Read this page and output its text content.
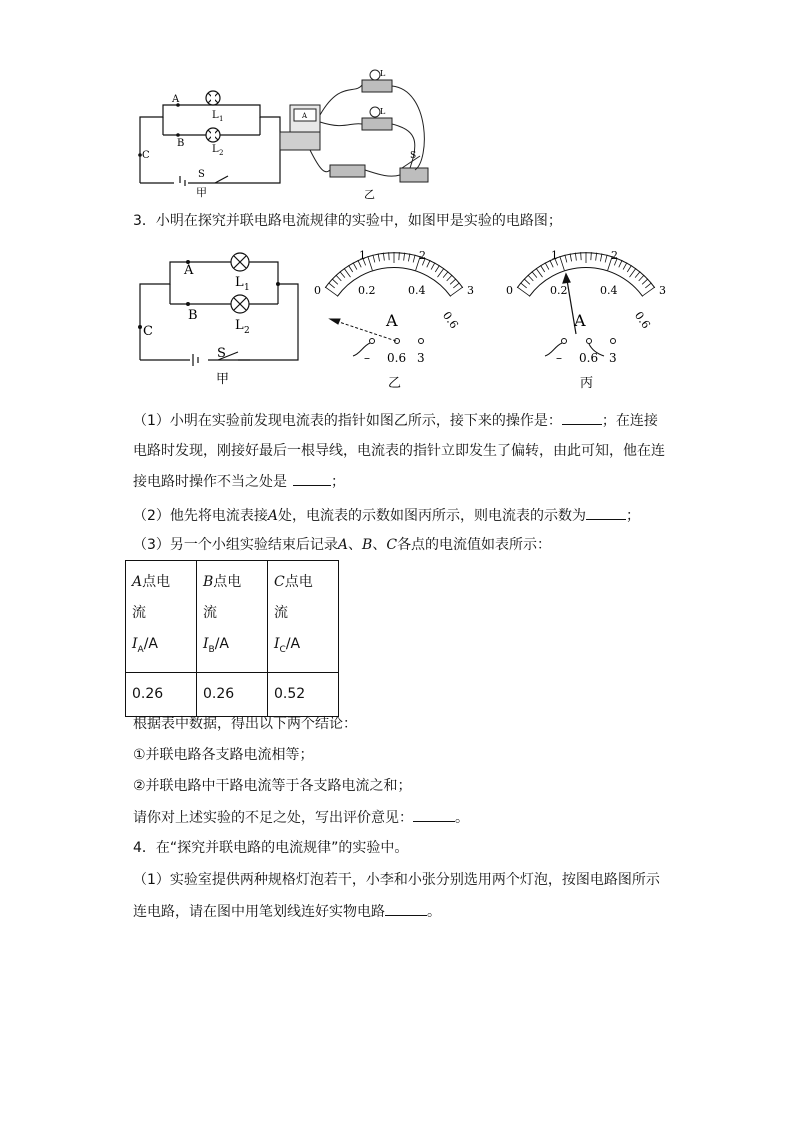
A
B
C
L 1
L 2
S
甲
L
L
S
乙
A
3．小明在探究并联电路电流规律的实验中，如图甲是实验的电路图；
A
B
C
L 1
L 2
S
甲
0
1	2
3
0.2	0.4
0.6
A
– 0.6 3
乙
0
1	2
3
0.2	0.4
0.6
A
– 0.6 3
丙
（1）小明在实验前发现电流表的指针如图乙所示，接下来的操作是：	；在连接
电路时发现，刚接好最后一根导线，电流表的指针立即发生了偏转，由此可知，他在连
接电路时操作不当之处是	；
（2）他先将电流表接A处，电流表的示数如图丙所示，则电流表的示数为	；
（3）另一个小组实验结束后记录A、B、C各点的电流值如表所示：
A点电
流
$I_A/A$	B点电
流
$I_B/A$	C点电
流
$I_C/A$
0.26	0.26	0.52
根据表中数据，得出以下两个结论：
①并联电路各支路电流相等；
②并联电路中干路电流等于各支路电流之和；
请你对上述实验的不足之处，写出评价意见：	。
4．在“探究并联电路的电流规律”的实验中。
（1）实验室提供两种规格灯泡若干，小李和小张分别选用两个灯泡，按图电路图所示
连电路，请在图中用笔划线连好实物电路	。
